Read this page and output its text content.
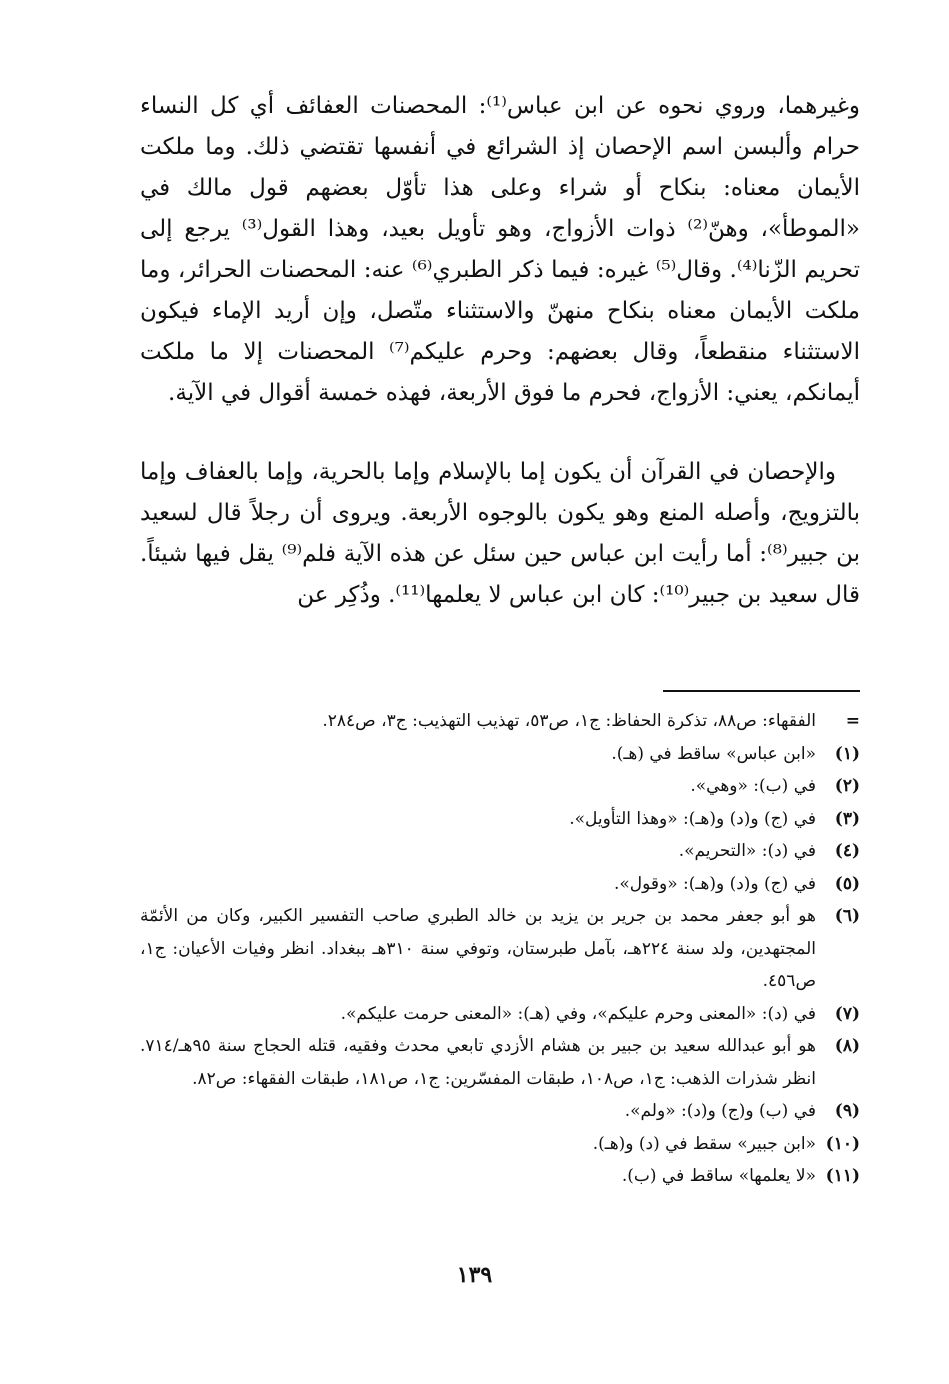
وغيرهما، وروي نحوه عن ابن عباس⁽¹⁾: المحصنات العفائف أي كل النساء حرام وألبسن اسم الإحصان إذ الشرائع في أنفسها تقتضي ذلك. وما ملكت الأيمان معناه: بنكاح أو شراء وعلى هذا تأوّل بعضهم قول مالك في «الموطأ»، وهنّ⁽²⁾ ذوات الأزواج، وهو تأويل بعيد، وهذا القول⁽³⁾ يرجع إلى تحريم الزّنا⁽⁴⁾. وقال⁽⁵⁾ غيره: فيما ذكر الطبري⁽⁶⁾ عنه: المحصنات الحرائر، وما ملكت الأيمان معناه بنكاح منهنّ والاستثناء متّصل، وإن أريد الإماء فيكون الاستثناء منقطعاً، وقال بعضهم: وحرم عليكم⁽⁷⁾ المحصنات إلا ما ملكت أيمانكم، يعني: الأزواج، فحرم ما فوق الأربعة، فهذه خمسة أقوال في الآية.

والإحصان في القرآن أن يكون إما بالإسلام وإما بالحرية، وإما بالعفاف وإما بالتزويج، وأصله المنع وهو يكون بالوجوه الأربعة. ويروى أن رجلاً قال لسعيد بن جبير⁽⁸⁾: أما رأيت ابن عباس حين سئل عن هذه الآية فلم⁽⁹⁾ يقل فيها شيئاً. قال سعيد بن جبير⁽¹⁰⁾: كان ابن عباس لا يعلمها⁽¹¹⁾. وذُكِر عن

=
الفقهاء: ص٨٨، تذكرة الحفاظ: ج١، ص٥٣، تهذيب التهذيب: ج٣، ص٢٨٤.
(١)
«ابن عباس» ساقط في (هـ).
(٢)
في (ب): «وهي».
(٣)
في (ج) و(د) و(هـ): «وهذا التأويل».
(٤)
في (د): «التحريم».
(٥)
في (ج) و(د) و(هـ): «وقول».
(٦)
هو أبو جعفر محمد بن جرير بن يزيد بن خالد الطبري صاحب التفسير الكبير، وكان من الأئمّة المجتهدين، ولد سنة ٢٢٤هـ، بآمل طبرستان، وتوفي سنة ٣١٠هـ ببغداد. انظر وفيات الأعيان: ج١، ص٤٥٦.
(٧)
في (د): «المعنى وحرم عليكم»، وفي (هـ): «المعنى حرمت عليكم».
(٨)
هو أبو عبدالله سعيد بن جبير بن هشام الأزدي تابعي محدث وفقيه، قتله الحجاج سنة ٩٥هـ/٧١٤. انظر شذرات الذهب: ج١، ص١٠٨، طبقات المفسّرين: ج١، ص١٨١، طبقات الفقهاء: ص٨٢.
(٩)
في (ب) و(ج) و(د): «ولم».
(١٠)
«ابن جبير» سقط في (د) و(هـ).
(١١)
«لا يعلمها» ساقط في (ب).
١٣٩
